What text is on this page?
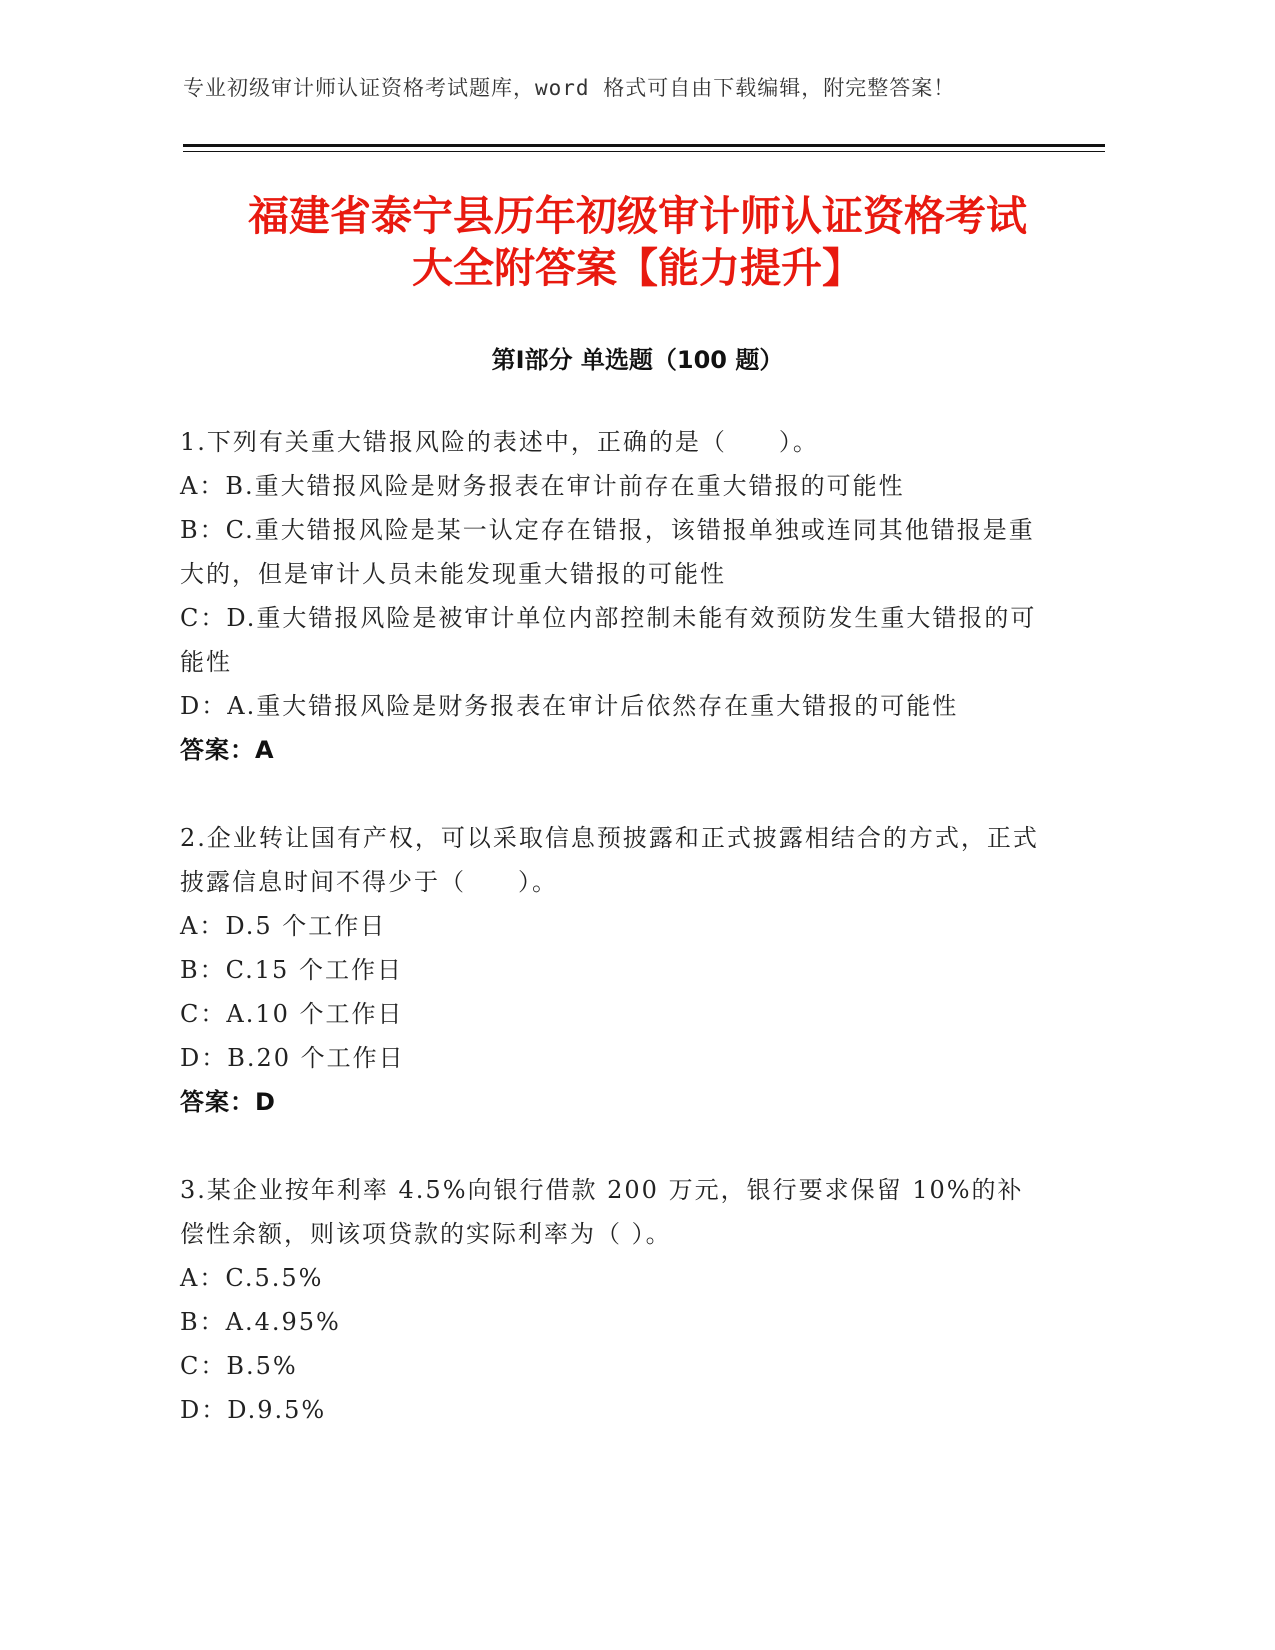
专业初级审计师认证资格考试题库，word 格式可自由下载编辑，附完整答案！
福建省泰宁县历年初级审计师认证资格考试
大全附答案【能力提升】
第Ⅰ部分 单选题（100 题）

1.下列有关重大错报风险的表述中，正确的是（　　）。

A：B.重大错报风险是财务报表在审计前存在重大错报的可能性

B：C.重大错报风险是某一认定存在错报，该错报单独或连同其他错报是重大的，但是审计人员未能发现重大错报的可能性

C：D.重大错报风险是被审计单位内部控制未能有效预防发生重大错报的可能性

D：A.重大错报风险是财务报表在审计后依然存在重大错报的可能性

答案：A

2.企业转让国有产权，可以采取信息预披露和正式披露相结合的方式，正式披露信息时间不得少于（　　）。

A：D.5 个工作日

B：C.15 个工作日

C：A.10 个工作日

D：B.20 个工作日

答案：D

3.某企业按年利率 4.5%向银行借款 200 万元，银行要求保留 10%的补偿性余额，则该项贷款的实际利率为（ ）。

A：C.5.5%

B：A.4.95%

C：B.5%

D：D.9.5%
